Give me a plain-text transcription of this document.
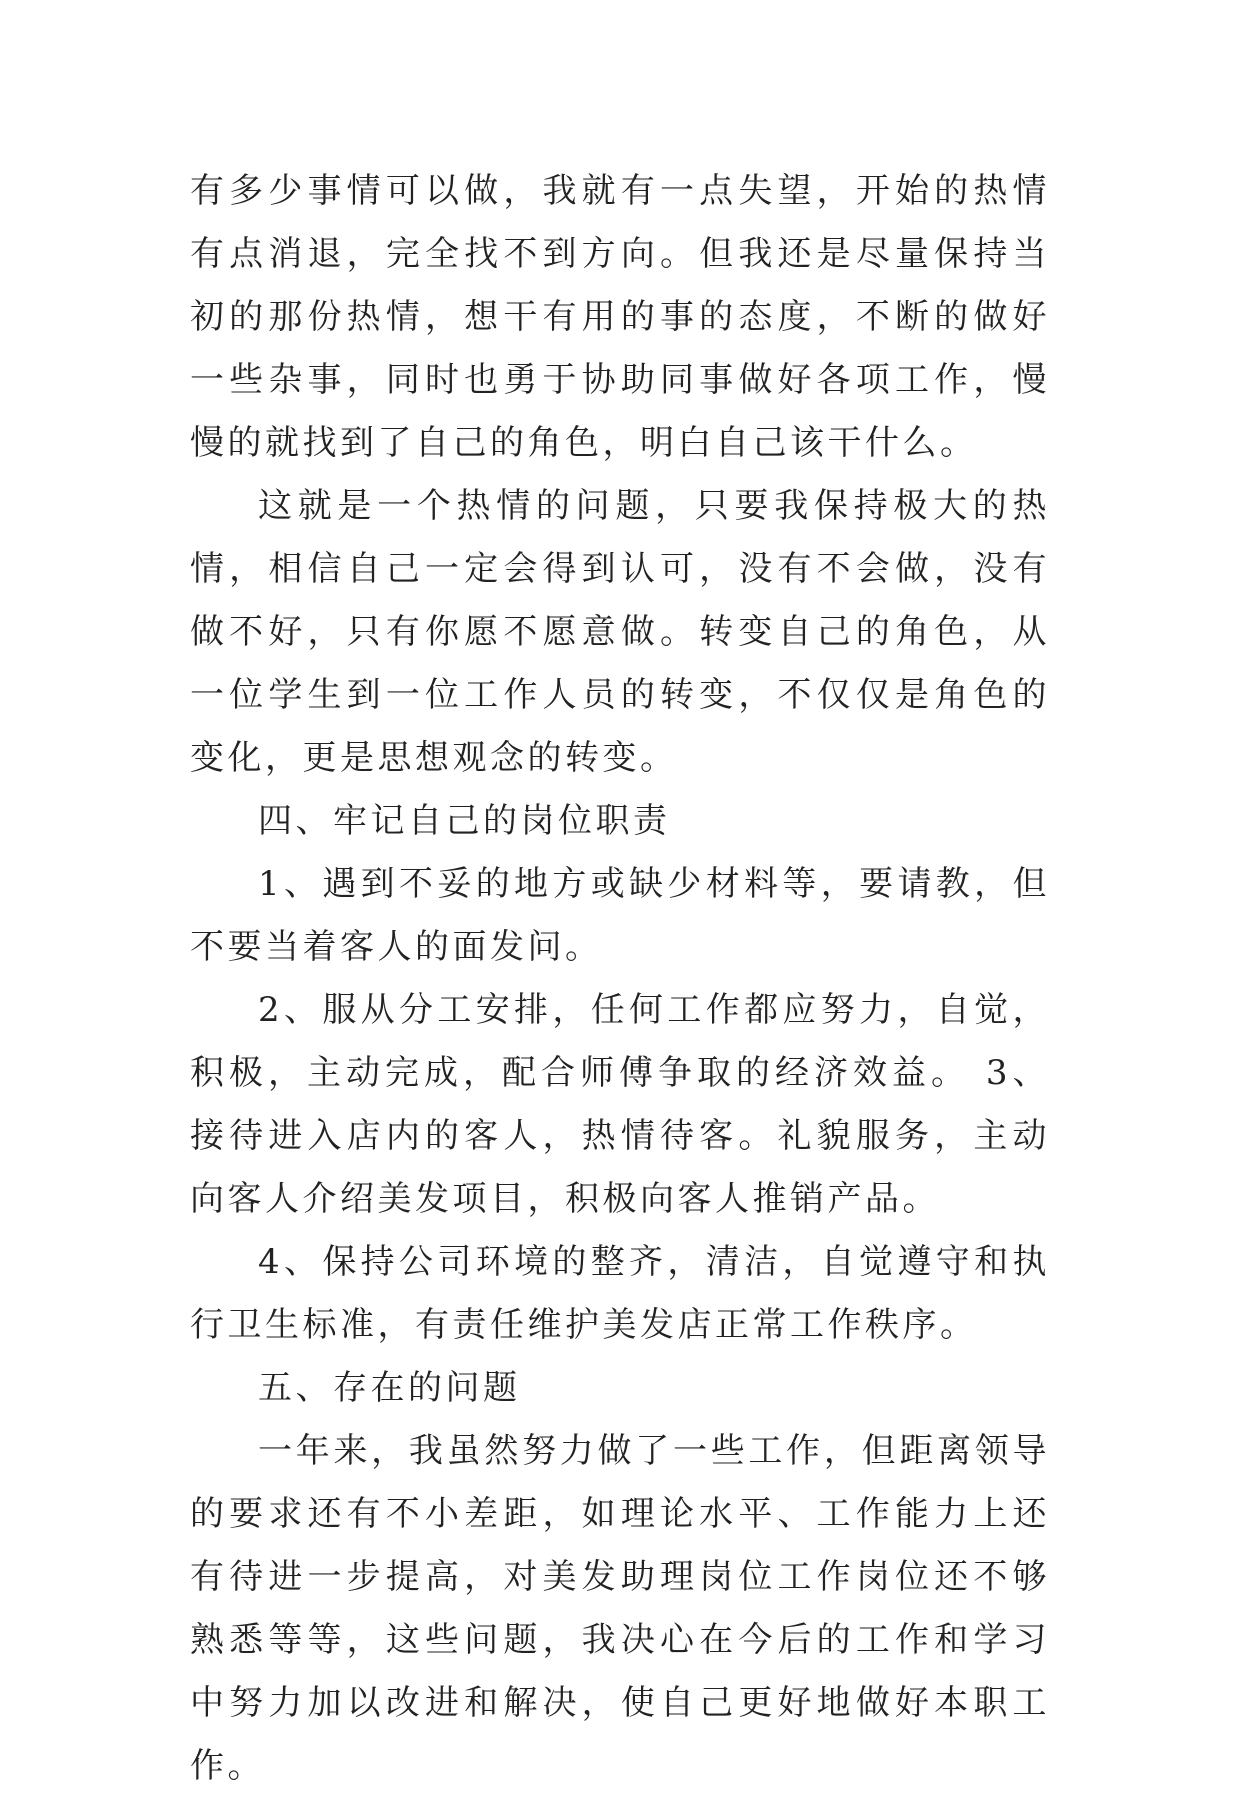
有多少事情可以做，我就有一点失望，开始的热情有点消退，完全找不到方向。但我还是尽量保持当初的那份热情，想干有用的事的态度，不断的做好一些杂事，同时也勇于协助同事做好各项工作，慢慢的就找到了自己的角色，明白自己该干什么。

这就是一个热情的问题，只要我保持极大的热情，相信自己一定会得到认可，没有不会做，没有做不好，只有你愿不愿意做。转变自己的角色，从一位学生到一位工作人员的转变，不仅仅是角色的变化，更是思想观念的转变。

四、牢记自己的岗位职责

1、遇到不妥的地方或缺少材料等，要请教，但不要当着客人的面发问。

2、服从分工安排，任何工作都应努力，自觉，积极，主动完成，配合师傅争取的经济效益。 3、接待进入店内的客人，热情待客。礼貌服务，主动向客人介绍美发项目，积极向客人推销产品。

4、保持公司环境的整齐，清洁，自觉遵守和执行卫生标准，有责任维护美发店正常工作秩序。

五、存在的问题

一年来，我虽然努力做了一些工作，但距离领导的要求还有不小差距，如理论水平、工作能力上还有待进一步提高，对美发助理岗位工作岗位还不够熟悉等等，这些问题，我决心在今后的工作和学习中努力加以改进和解决，使自己更好地做好本职工作。
